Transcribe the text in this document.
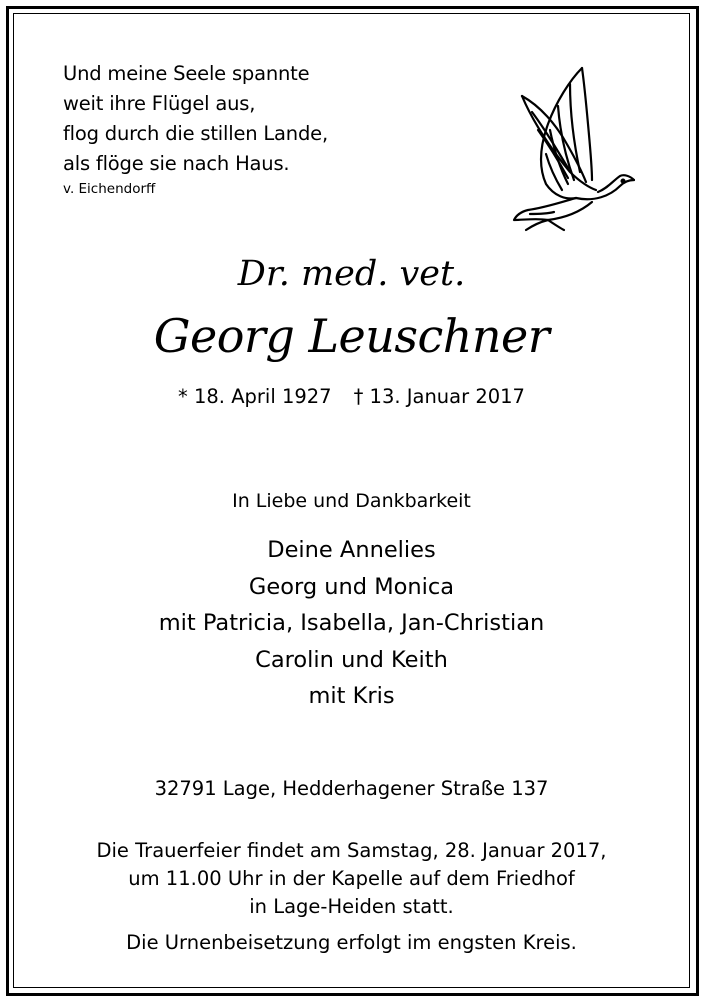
Und meine Seele spannte
weit ihre Flügel aus,
flog durch die stillen Lande,
als flöge sie nach Haus.
v. Eichendorff
Dr. med. vet.
Georg Leuschner
* 18. April 1927 † 13. Januar 2017
In Liebe und Dankbarkeit
Deine Annelies
Georg und Monica
mit Patricia, Isabella, Jan-Christian
Carolin und Keith
mit Kris
32791 Lage, Hedderhagener Straße 137
Die Trauerfeier findet am Samstag, 28. Januar 2017,
um 11.00 Uhr in der Kapelle auf dem Friedhof
in Lage-Heiden statt.
Die Urnenbeisetzung erfolgt im engsten Kreis.
